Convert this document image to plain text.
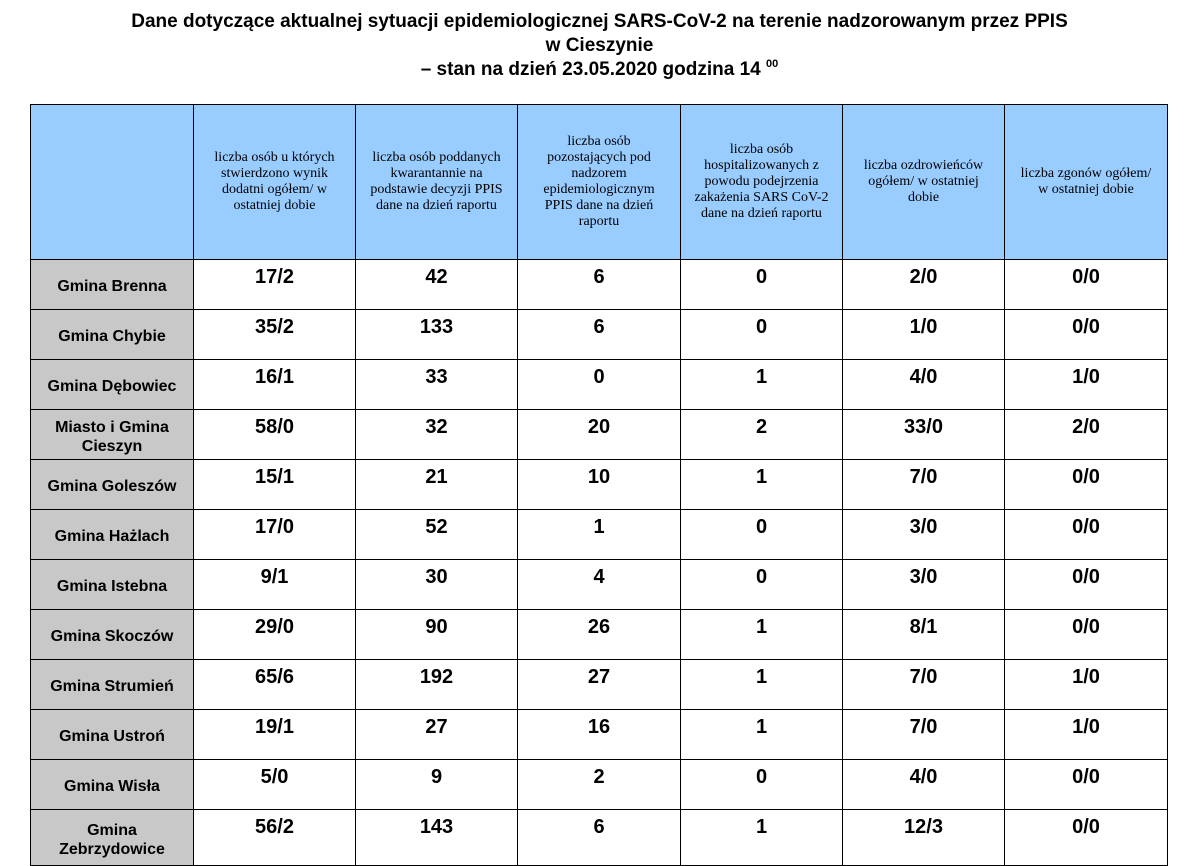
Dane dotyczące aktualnej sytuacji epidemiologicznej SARS-CoV-2 na terenie nadzorowanym przez PPIS
w Cieszynie
– stan na dzień 23.05.2020 godzina 14 $^{00}$
	liczba osób u których stwierdzono wynik dodatni ogółem/ w ostatniej dobie	liczba osób poddanych kwarantannie na podstawie decyzji PPIS dane na dzień raportu	liczba osób pozostających pod nadzorem epidemiologicznym PPIS dane na dzień raportu	liczba osób hospitalizowanych z powodu podejrzenia zakażenia SARS CoV-2 dane na dzień raportu	liczba ozdrowieńców ogółem/ w ostatniej dobie	liczba zgonów ogółem/ w ostatniej dobie
Gmina Brenna	17/2	42	6	0	2/0	0/0
Gmina Chybie	35/2	133	6	0	1/0	0/0
Gmina Dębowiec	16/1	33	0	1	4/0	1/0
Miasto i Gmina Cieszyn	58/0	32	20	2	33/0	2/0
Gmina Goleszów	15/1	21	10	1	7/0	0/0
Gmina Hażlach	17/0	52	1	0	3/0	0/0
Gmina Istebna	9/1	30	4	0	3/0	0/0
Gmina Skoczów	29/0	90	26	1	8/1	0/0
Gmina Strumień	65/6	192	27	1	7/0	1/0
Gmina Ustroń	19/1	27	16	1	7/0	1/0
Gmina Wisła	5/0	9	2	0	4/0	0/0
Gmina Zebrzydowice	56/2	143	6	1	12/3	0/0
